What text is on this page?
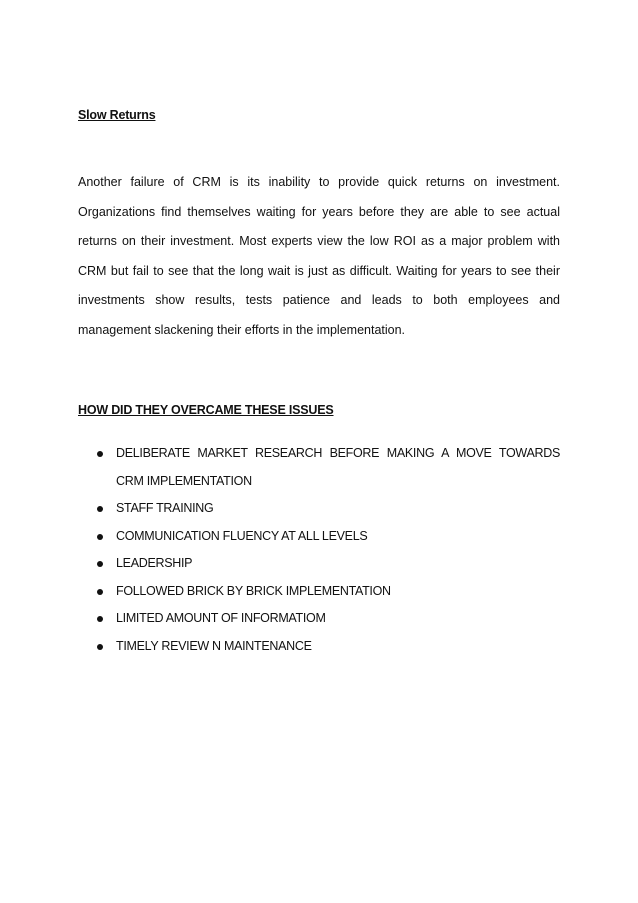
Slow Returns

Another failure of CRM is its inability to provide quick returns on investment. Organizations find themselves waiting for years before they are able to see actual returns on their investment. Most experts view the low ROI as a major problem with CRM but fail to see that the long wait is just as difficult. Waiting for years to see their investments show results, tests patience and leads to both employees and management slackening their efforts in the implementation.

HOW DID THEY OVERCAME THESE ISSUES
DELIBERATE MARKET RESEARCH BEFORE MAKING A MOVE TOWARDS CRM IMPLEMENTATION
STAFF TRAINING
COMMUNICATION FLUENCY AT ALL LEVELS
LEADERSHIP
FOLLOWED BRICK BY BRICK IMPLEMENTATION
LIMITED AMOUNT OF INFORMATIOM
TIMELY REVIEW N MAINTENANCE
